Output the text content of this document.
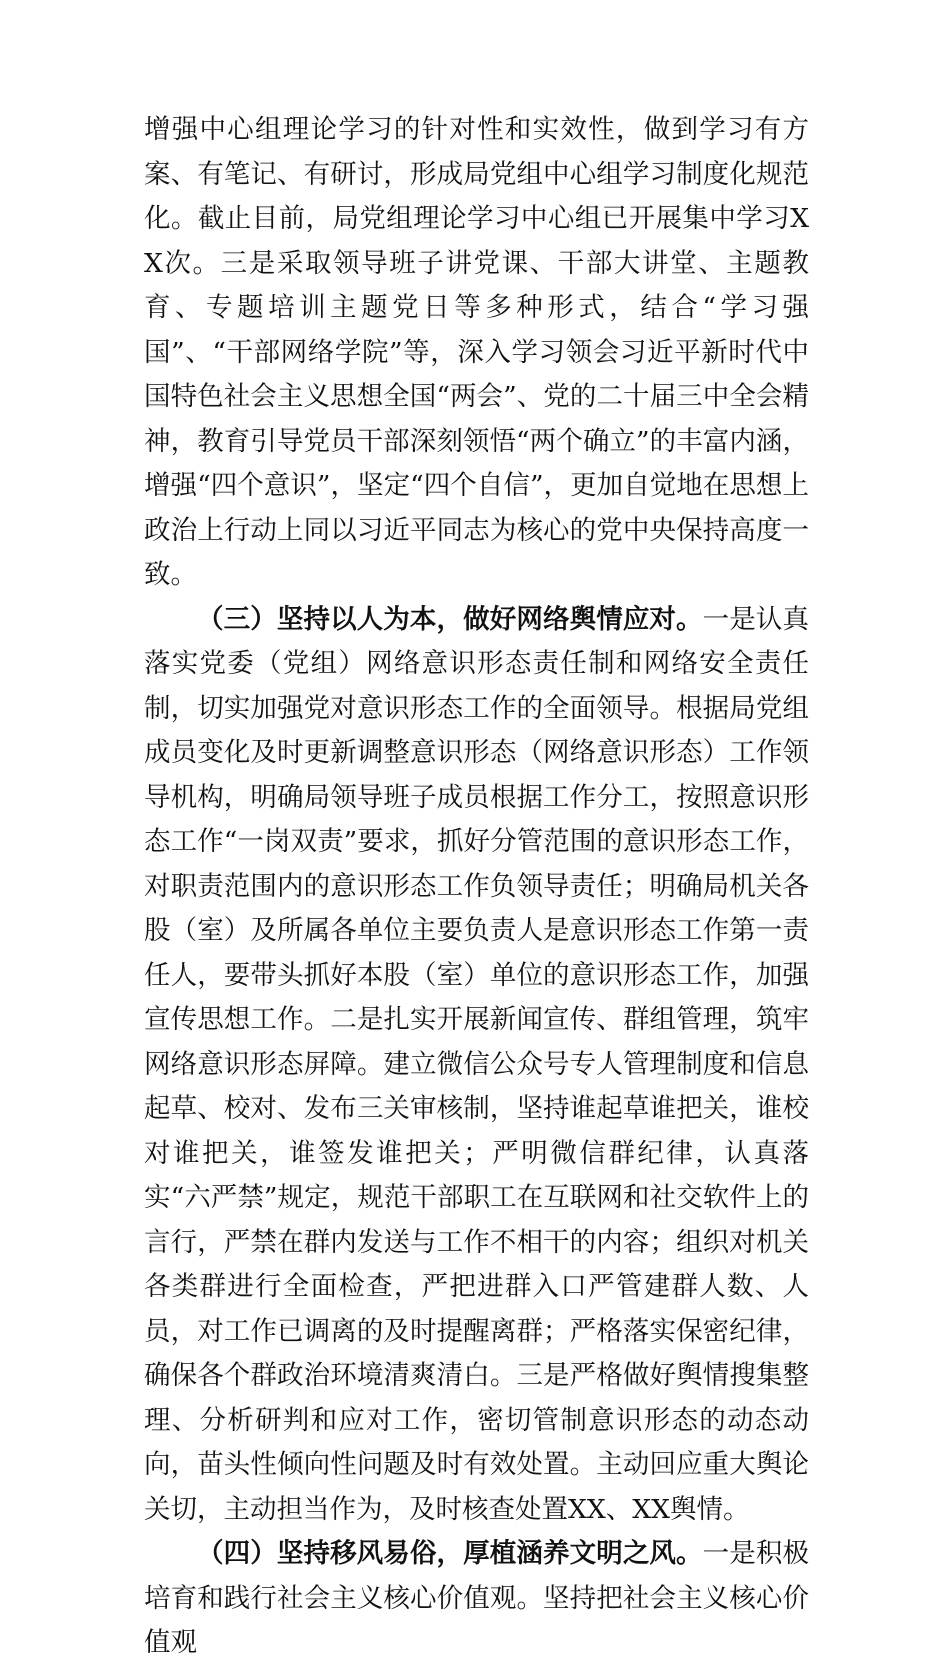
增强中心组理论学习的针对性和实效性，做到学习有方案、有笔记、有研讨，形成局党组中心组学习制度化规范化。截止目前，局党组理论学习中心组已开展集中学习XX次。三是采取领导班子讲党课、干部大讲堂、主题教育、专题培训主题党日等多种形式，结合“学习强国”、“干部网络学院”等，深入学习领会习近平新时代中国特色社会主义思想全国“两会”、党的二十届三中全会精神，教育引导党员干部深刻领悟“两个确立”的丰富内涵，增强“四个意识”，坚定“四个自信”，更加自觉地在思想上政治上行动上同以习近平同志为核心的党中央保持高度一致。

（三）坚持以人为本，做好网络舆情应对。一是认真落实党委（党组）网络意识形态责任制和网络安全责任制，切实加强党对意识形态工作的全面领导。根据局党组成员变化及时更新调整意识形态（网络意识形态）工作领导机构，明确局领导班子成员根据工作分工，按照意识形态工作“一岗双责”要求，抓好分管范围的意识形态工作，对职责范围内的意识形态工作负领导责任；明确局机关各股（室）及所属各单位主要负责人是意识形态工作第一责任人，要带头抓好本股（室）单位的意识形态工作，加强宣传思想工作。二是扎实开展新闻宣传、群组管理，筑牢网络意识形态屏障。建立微信公众号专人管理制度和信息起草、校对、发布三关审核制，坚持谁起草谁把关，谁校对谁把关，谁签发谁把关；严明微信群纪律，认真落实“六严禁”规定，规范干部职工在互联网和社交软件上的言行，严禁在群内发送与工作不相干的内容；组织对机关各类群进行全面检查，严把进群入口严管建群人数、人员，对工作已调离的及时提醒离群；严格落实保密纪律，确保各个群政治环境清爽清白。三是严格做好舆情搜集整理、分析研判和应对工作，密切管制意识形态的动态动向，苗头性倾向性问题及时有效处置。主动回应重大舆论关切，主动担当作为，及时核查处置XX、XX舆情。

（四）坚持移风易俗，厚植涵养文明之风。一是积极培育和践行社会主义核心价值观。坚持把社会主义核心价值观
